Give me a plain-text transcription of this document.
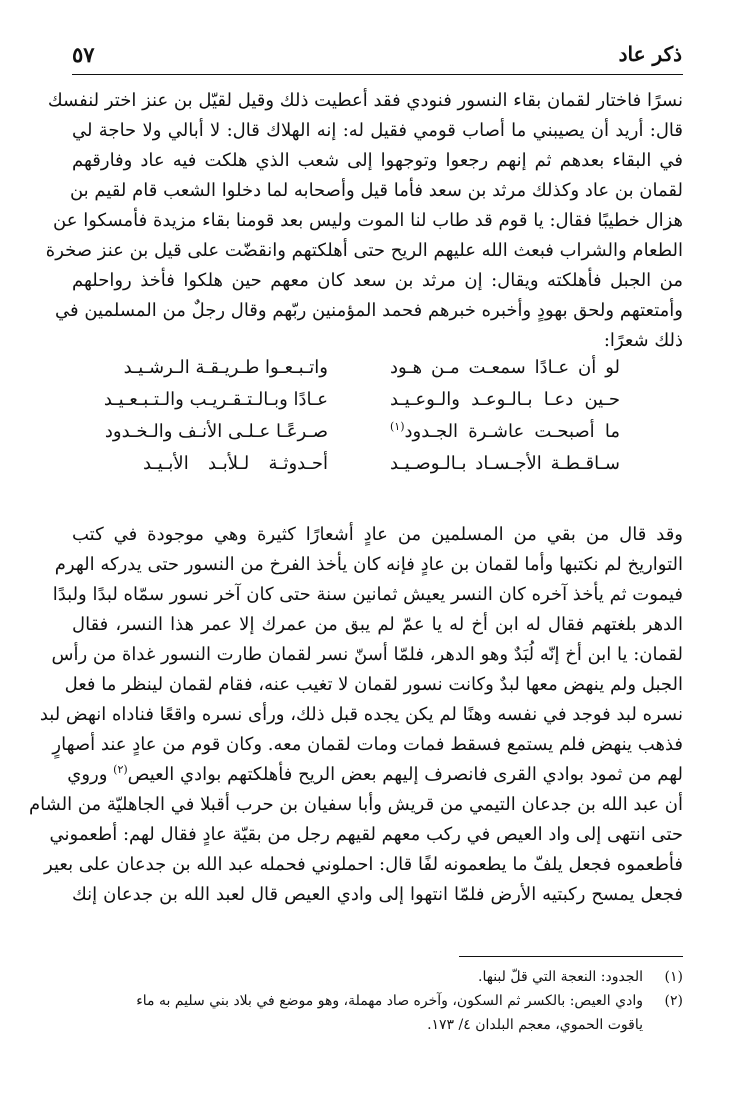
ذكر عاد
٥٧
نسرًا فاختار لقمان بقاء النسور فنودي فقد أعطيت ذلك وقيل لقيّل بن عنز اختر لنفسك
قال: أريد أن يصيبني ما أصاب قومي فقيل له: إنه الهلاك قال: لا أبالي ولا حاجة لي
في البقاء بعدهم ثم إنهم رجعوا وتوجهوا إلى شعب الذي هلكت فيه عاد وفارقهم
لقمان بن عاد وكذلك مرثد بن سعد فأما قيل وأصحابه لما دخلوا الشعب قام لقيم بن
هزال خطيبًا فقال: يا قوم قد طاب لنا الموت وليس بعد قومنا بقاء مزيدة فأمسكوا عن
الطعام والشراب فبعث الله عليهم الريح حتى أهلكتهم وانقضّت على قيل بن عنز صخرة
من الجبل فأهلكته ويقال: إن مرثد بن سعد كان معهم حين هلكوا فأخذ رواحلهم
وأمتعتهم ولحق بهودٍ وأخبره خبرهم فحمد المؤمنين ربّهم وقال رجلٌ من المسلمين في
ذلك شعرًا:
لو أن عـادًا سمعـت مـن هـود
واتـبـعـوا طـريـقـة الـرشـيـد
حـين دعـا بـالـوعـد والـوعـيـد
عـادًا وبـالـتـقـريـب والـتـبـعـيـد
ما أصبحـت عاشـرة الجـدود$^{(١)}$
صـرعًـا عـلـى الأنـف والـخـدود
سـاقـطـة الأجـسـاد بـالـوصـيـد
أحـدوثـة لـلأبـد الأبـيـد
وقد قال من بقي من المسلمين من عادٍ أشعارًا كثيرة وهي موجودة في كتب
التواريخ لم نكتبها وأما لقمان بن عادٍ فإنه كان يأخذ الفرخ من النسور حتى يدركه الهرم
فيموت ثم يأخذ آخره كان النسر يعيش ثمانين سنة حتى كان آخر نسور سمّاه لبدًا ولبدًا
الدهر بلغتهم فقال له ابن أخ له يا عمّ لم يبق من عمرك إلا عمر هذا النسر، فقال
لقمان: يا ابن أخ إنّه لُبَدٌ وهو الدهر، فلمّا أسنّ نسر لقمان طارت النسور غداة من رأس
الجبل ولم ينهض معها لبدٌ وكانت نسور لقمان لا تغيب عنه، فقام لقمان لينظر ما فعل
نسره لبد فوجد في نفسه وهنًا لم يكن يجده قبل ذلك، ورأى نسره واقعًا فناداه انهض لبد
فذهب ينهض فلم يستمع فسقط فمات ومات لقمان معه. وكان قوم من عادٍ عند أصهارٍ
لهم من ثمود بوادي القرى فانصرف إليهم بعض الريح فأهلكتهم بوادي العيص$^{(٢)}$ وروي
أن عبد الله بن جدعان التيمي من قريش وأبا سفيان بن حرب أقبلا في الجاهليّة من الشام
حتى انتهى إلى واد العيص في ركب معهم لقيهم رجل من بقيّة عادٍ فقال لهم: أطعموني
فأطعموه فجعل يلفّ ما يطعمونه لفًا قال: احملوني فحمله عبد الله بن جدعان على بعير
فجعل يمسح ركبتيه الأرض فلمّا انتهوا إلى وادي العيص قال لعبد الله بن جدعان إنك
(١)
الجدود: النعجة التي قلّ لبنها.
(٢)
وادي العيص: بالكسر ثم السكون، وآخره صاد مهملة، وهو موضع في بلاد بني سليم به ماء
ياقوت الحموي، معجم البلدان ٤/ ١٧٣.
